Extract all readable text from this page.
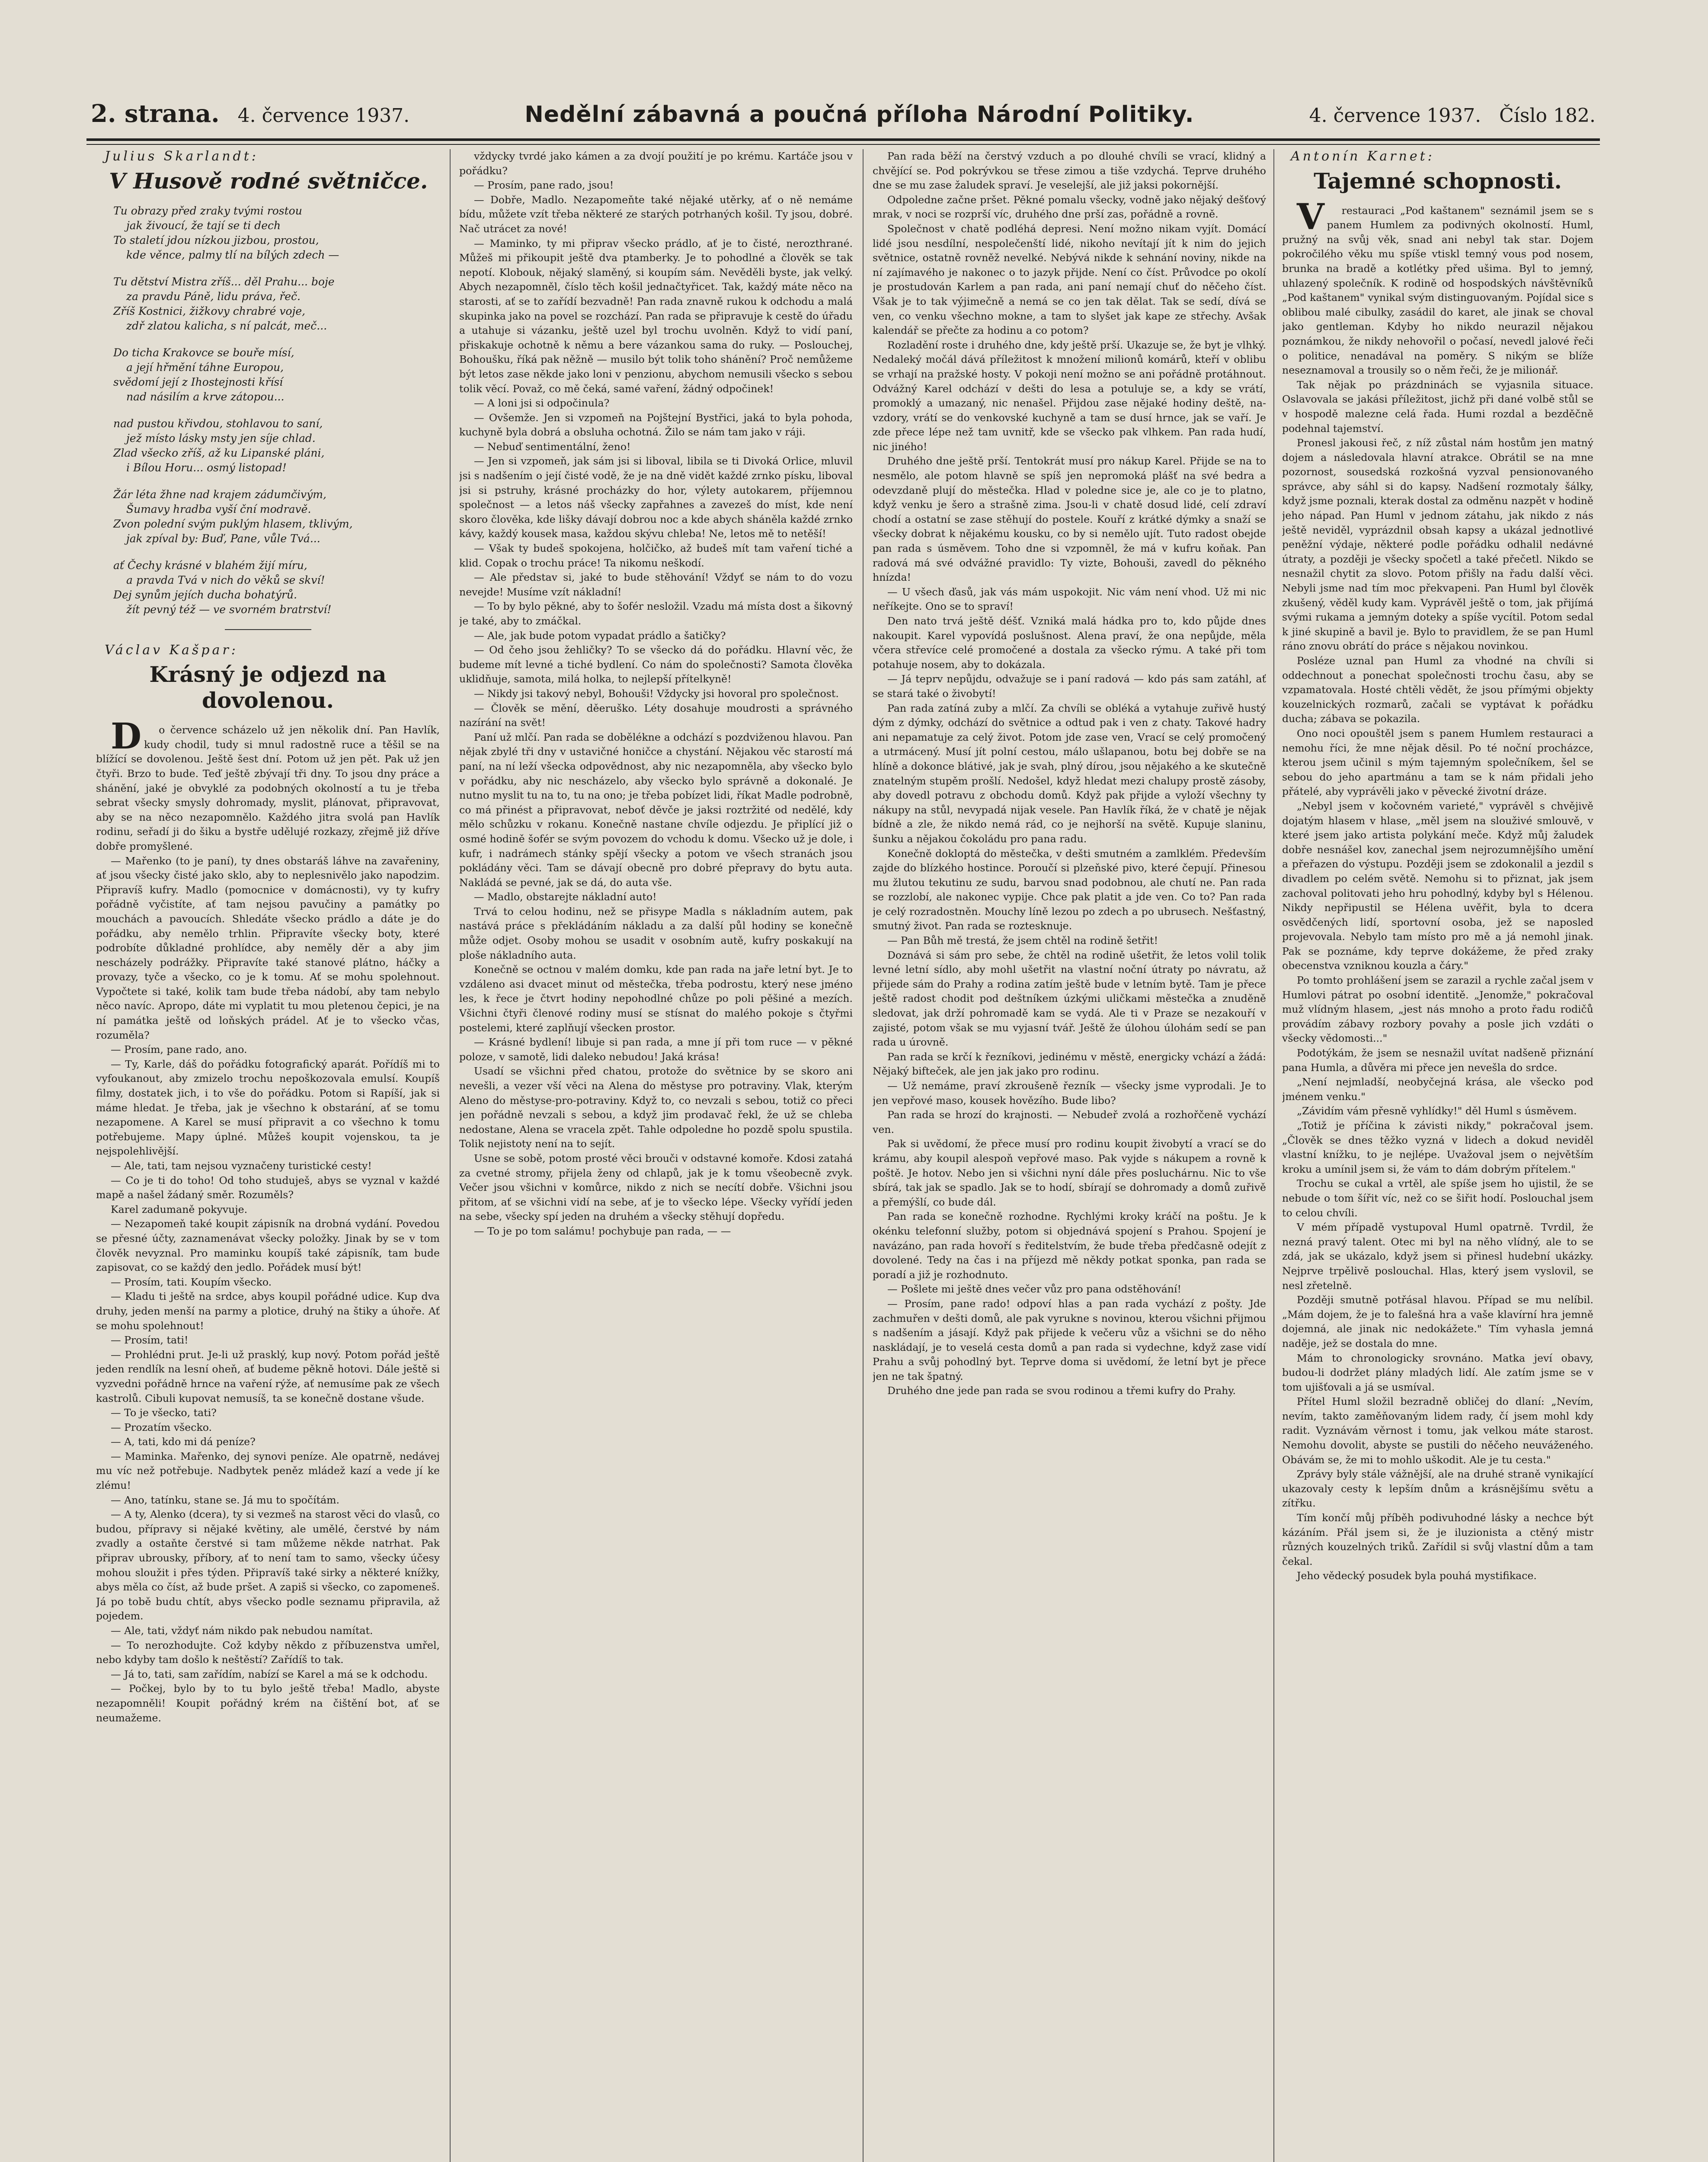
2. strana. 4. července 1937.	Nedělní zábavná a poučná příloha Národní Politiky.	4. července 1937. Číslo 182.
Julius Skarlandt:
V Husově rodné světničce.
Tu obrazy před zraky tvými rostou
jak živoucí, že tají se ti dech
To staletí jdou nízkou jizbou, prostou,
kde věnce, palmy tlí na bílých zdech —
Tu dětství Mistra zříš... děl Prahu... boje
za pravdu Páně, lidu práva, řeč.
Zříš Kostnici, žižkovy chrabré voje,
zdř zlatou kalicha, s ní palcát, meč...
Do ticha Krakovce se bouře mísí,
a její hřmění táhne Europou,
svědomí její z Ihostejnosti křísí
nad násilím a krve zátopou...
nad pustou křivdou, stohlavou to saní,
jež místo lásky msty jen síje chlad.
Zlad všecko zříš, až ku Lipanské pláni,
i Bílou Horu... osmý listopad!
Žár léta žhne nad krajem zádumčivým,
Šumavy hradba vyší ční modravě.
Zvon polední svým puklým hlasem, tklivým,
jak zpíval by: Buď, Pane, vůle Tvá...
ať Čechy krásné v blahém žijí míru,
a pravda Tvá v nich do věků se skví!
Dej synům jejích ducha bohatýrů.
žít pevný též — ve svorném bratrství!
Václav Kašpar:
Krásný je odjezd na dovolenou.

Do července scházelo už jen několik dní. Pan Havlík, kudy chodil, tudy si mnul radostně ruce a těšil se na blížící se dovolenou. Ještě šest dní. Potom už jen pět. Pak už jen čtyři. Brzo to bude. Teď ještě zbývají tři dny. To jsou dny práce a shánění, jaké je obvyklé za podobných okolností a tu je třeba sebrat všecky smysly dohromady, myslit, plánovat, připravovat, aby se na něco nezapomnělo. Každého jitra svolá pan Havlík rodinu, seřadí ji do šiku a bystře udělujé rozkazy, zřejmě již dříve dobře promyšlené.

— Mařenko (to je paní), ty dnes obstaráš láhve na zavařeniny, ať jsou všecky čisté jako sklo, aby to neplesnivělo jako napodzim. Připravíš kufry. Madlo (pomocnice v domácnosti), vy ty kufry pořádně vyčistíte, ať tam nejsou pavučiny a památky po mouchách a pavoucích. Shledáte všecko prádlo a dáte je do pořádku, aby nemělo trhlin. Připravíte všecky boty, které podrobíte důkladné prohlídce, aby neměly děr a aby jim nescházely podrážky. Připravíte také stanové plátno, háčky a provazy, tyče a všecko, co je k tomu. Ať se mohu spolehnout. Vypočtete si také, kolik tam bude třeba nádobí, aby tam nebylo něco navíc. Apropo, dáte mi vyplatit tu mou pletenou čepici, je na ní památka ještě od loňských prádel. Ať je to všecko včas, rozuměla?

— Prosím, pane rado, ano.

— Ty, Karle, dáš do pořádku fotografický aparát. Pořídíš mi to vyfoukanout, aby zmizelo trochu nepoškozovala emulsí. Koupíš filmy, dostatek jich, i to vše do pořádku. Potom si Rapíší, jak si máme hledat. Je třeba, jak je všechno k obstarání, ať se tomu nezapomene. A Karel se musí připravit a co všechno k tomu potřebujeme. Mapy úplné. Můžeš koupit vojenskou, ta je nejspolehlivější.

— Ale, tati, tam nejsou vyznačeny turistické cesty!

— Co je ti do toho! Od toho studuješ, abys se vyznal v každé mapě a našel žádaný směr. Rozuměls?

Karel zadumaně pokyvuje.

— Nezapomeň také koupit zápisník na drobná vydání. Povedou se přesné účty, zaznamenávat všecky položky. Jinak by se v tom člověk nevyznal. Pro maminku koupíš také zápisník, tam bude zapisovat, co se každý den jedlo. Pořádek musí být!

— Prosím, tati. Koupím všecko.

— Kladu ti ještě na srdce, abys koupil pořádné udice. Kup dva druhy, jeden menší na parmy a plotice, druhý na štiky a úhoře. Ať se mohu spolehnout!

— Prosím, tati!

— Prohlédni prut. Je-li už prasklý, kup nový. Potom pořád ještě jeden rendlík na lesní oheň, ať budeme pěkně hotovi. Dále ještě si vyzvedni pořádně hrnce na vaření rýže, ať nemusíme pak ze všech kastrolů. Cibuli kupovat nemusíš, ta se konečně dostane všude.

— To je všecko, tati?

— Prozatím všecko.

— A, tati, kdo mi dá peníze?

— Maminka. Mařenko, dej synovi peníze. Ale opatrně, nedávej mu víc než potřebuje. Nadbytek peněz mládež kazí a vede jí ke zlému!

— Ano, tatínku, stane se. Já mu to spočítám.

— A ty, Alenko (dcera), ty si vezmeš na starost věci do vlasů, co budou, přípravy si nějaké květiny, ale umělé, čerstvé by nám zvadly a ostaňte čerstvé si tam můžeme někde natrhat. Pak připrav ubrousky, příbory, ať to není tam to samo, všecky účesy mohou sloužit i přes týden. Připravíš také sirky a některé knížky, abys měla co číst, až bude pršet. A zapiš si všecko, co zapomeneš. Já po tobě budu chtít, abys všecko podle seznamu připravila, až pojedem.

— Ale, tati, vždyť nám nikdo pak nebudou namítat.

— To nerozhodujte. Což kdyby někdo z příbuzenstva umřel, nebo kdyby tam došlo k neštěstí? Zařídíš to tak.

— Já to, tati, sam zařídím, nabízí se Karel a má se k odchodu.

— Počkej, bylo by to tu bylo ještě třeba! Madlo, abyste nezapomněli! Koupit pořádný krém na čištění bot, ať se neumažeme.

vždycky tvrdé jako kámen a za dvojí použití je po krému. Kartáče jsou v pořádku?

— Prosím, pane rado, jsou!

— Dobře, Madlo. Nezapomeňte také nějaké utěrky, ať o ně nemáme bídu, můžete vzít třeba některé ze starých potrhaných košil. Ty jsou, dobré. Nač utrácet za nové!

— Maminko, ty mi připrav všecko prádlo, ať je to čisté, nerozthrané. Můžeš mi přikoupit ještě dva ptamberky. Je to pohodlné a člověk se tak nepotí. Klobouk, nějaký slaměný, si koupím sám. Nevěděli byste, jak velký. Abych nezapomněl, číslo těch košil jednačtyřicet. Tak, každý máte něco na starosti, ať se to zařídí bezvadně! Pan rada znavně rukou k odchodu a malá skupinka jako na povel se rozchází. Pan rada se připravuje k cestě do úřadu a utahuje si vázanku, ještě uzel byl trochu uvolněn. Když to vidí paní, přiskakuje ochotně k němu a bere vázankou sama do ruky. — Poslouchej, Bohoušku, říká pak něžně — musilo být tolik toho shánění? Proč nemůžeme být letos zase někde jako loni v penzionu, abychom nemusili všecko s sebou tolik věcí. Považ, co mě čeká, samé vaření, žádný odpočinek!

— A loni jsi si odpočinula?

— Ovšemže. Jen si vzpomeň na Pojštejní Bystřici, jaká to byla pohoda, kuchyně byla dobrá a obsluha ochotná. Žilo se nám tam jako v ráji.

— Nebuď sentimentální, ženo!

— Jen si vzpomeň, jak sám jsi si liboval, libila se ti Divoká Orlice, mluvil jsi s nadšením o její čisté vodě, že je na dně vidět každé zrnko písku, liboval jsi si pstruhy, krásné procházky do hor, výlety autokarem, příjemnou společnost — a letos náš všecky zapřahnes a zavezeš do míst, kde není skoro člověka, kde lišky dávají dobrou noc a kde abych sháněla každé zrnko kávy, každý kousek masa, každou skývu chleba! Ne, letos mě to netěší!

— Však ty budeš spokojena, holčičko, až budeš mít tam vaření tiché a klid. Copak o trochu práce! Ta nikomu neškodí.

— Ale představ si, jaké to bude stěhování! Vždyť se nám to do vozu nevejde! Musíme vzít nákladní!

— To by bylo pěkné, aby to šofér nesložil. Vzadu má místa dost a šikovný je také, aby to zmáčkal.

— Ale, jak bude potom vypadat prádlo a šatičky?

— Od čeho jsou žehličky? To se všecko dá do pořádku. Hlavní věc, že budeme mít levné a tiché bydlení. Co nám do společnosti? Samota člověka uklidňuje, samota, milá holka, to nejlepší přítelkyně!

— Nikdy jsi takový nebyl, Bohouši! Vždycky jsi hovoral pro společnost.

— Člověk se mění, děeruško. Léty dosahuje moudrosti a správného nazírání na svět!

Paní už mlčí. Pan rada se dobělékne a odchází s pozdviženou hlavou. Pan nějak zbylé tři dny v ustavičné honičce a chystání. Nějakou věc starostí má paní, na ní leží všecka odpovědnost, aby nic nezapomněla, aby všecko bylo v pořádku, aby nic nescházelo, aby všecko bylo správně a dokonalé. Je nutno myslit tu na to, tu na ono; je třeba pobízet lidi, říkat Madle podrobně, co má přinést a připravovat, neboť děvče je jaksi roztržité od nedělé, kdy mělo schůzku v rokanu. Konečně nastane chvíle odjezdu. Je připlící již o osmé hodině šofér se svým povozem do vchodu k domu. Všecko už je dole, i kufr, i nadrámech stánky spějí všecky a potom ve všech stranách jsou pokládány věci. Tam se dávají obecně pro dobré přepravy do bytu auta. Nakládá se pevné, jak se dá, do auta vše.

— Madlo, obstarejte nákladní auto!

Trvá to celou hodinu, než se přisype Madla s nákladním autem, pak nastává práce s překládáním nákladu a za další půl hodiny se konečně může odjet. Osoby mohou se usadit v osobním autě, kufry poskakují na ploše nákladního auta.

Konečně se octnou v malém domku, kde pan rada na jaře letní byt. Je to vzdáleno asi dvacet minut od městečka, třeba podrostu, který nese jméno les, k řece je čtvrt hodiny nepohodlné chůze po poli pěšiné a mezích. Všichni čtyři členové rodiny musí se stísnat do malého pokoje s čtyřmi postelemi, které zaplňují všecken prostor.

— Krásné bydlení! libuje si pan rada, a mne jí při tom ruce — v pěkné poloze, v samotě, lidi daleko nebudou! Jaká krása!

Usadí se všichni před chatou, protože do světnice by se skoro ani nevešli, a vezer vší věci na Alena do městyse pro potraviny. Vlak, kterým Aleno do městyse-pro-potraviny. Když to, co nevzali s sebou, totiž co přeci jen pořádně nevzali s sebou, a když jim prodavač řekl, že už se chleba nedostane, Alena se vracela zpět. Tahle odpoledne ho pozdě spolu spustila. Tolik nejistoty není na to sejít.

Usne se sobě, potom prosté věci brouči v odstavné komoře. Kdosi zatahá za cvetné stromy, přijela ženy od chlapů, jak je k tomu všeobecně zvyk. Večer jsou všichni v komůrce, nikdo z nich se necítí dobře. Všichni jsou přitom, ať se všichni vidí na sebe, ať je to všecko lépe. Všecky vyřídí jeden na sebe, všecky spí jeden na druhém a všecky stěhují dopředu.

— To je po tom salámu! pochybuje pan rada, — —

Pan rada běží na čerstvý vzduch a po dlouhé chvíli se vrací, klidný a chvějící se. Pod pokrývkou se třese zimou a tiše vzdychá. Teprve druhého dne se mu zase žaludek spraví. Je veselejší, ale již jaksi pokornější.

Odpoledne začne pršet. Pěkné pomalu všecky, vodně jako nějaký dešťový mrak, v noci se rozprší víc, druhého dne prší zas, pořádně a rovně.

Společnost v chatě podléhá depresi. Není možno nikam vyjít. Domácí lidé jsou nesdílní, nespolečenští lidé, nikoho nevítají jít k nim do jejich světnice, ostatně rovněž nevelké. Nebývá nikde k sehnání noviny, nikde na ní zajímavého je nakonec o to jazyk přijde. Není co číst. Průvodce po okolí je prostudován Karlem a pan rada, ani paní nemají chuť do něčeho číst. Však je to tak výjimečně a nemá se co jen tak dělat. Tak se sedí, dívá se ven, co venku všechno mokne, a tam to slyšet jak kape ze střechy. Avšak kalendář se přečte za hodinu a co potom?

Rozladění roste i druhého dne, kdy ještě prší. Ukazuje se, že byt je vlhký. Nedaleký močál dává příležitost k množení milionů komárů, kteří v oblibu se vrhají na pražské hosty. V pokoji není možno se ani pořádně protáhnout. Odvážný Karel odchází v dešti do lesa a potuluje se, a kdy se vrátí, promoklý a umazaný, nic nenašel. Přijdou zase nějaké hodiny deště, na-vzdory, vrátí se do venkovské kuchyně a tam se dusí hrnce, jak se vaří. Je zde přece lépe než tam uvnitř, kde se všecko pak vlhkem. Pan rada hudí, nic jiného!

Druhého dne ještě prší. Tentokrát musí pro nákup Karel. Přijde se na to nesmělo, ale potom hlavně se spíš jen nepromoká plášť na své bedra a odevzdaně plují do městečka. Hlad v poledne sice je, ale co je to platno, když venku je šero a strašně zima. Jsou-li v chatě dosud lidé, celí zdraví chodí a ostatní se zase stěhují do postele. Kouří z krátké dýmky a snaží se všecky dobrat k nějakému kousku, co by si nemělo ujít. Tuto radost obejde pan rada s úsměvem. Toho dne si vzpomněl, že má v kufru koňak. Pan radová má své odvážné pravidlo: Ty vizte, Bohouši, zavedl do pěkného hnízda!

— U všech ďasů, jak vás mám uspokojit. Nic vám není vhod. Už mi nic neříkejte. Ono se to spraví!

Den nato trvá ještě déšť. Vzniká malá hádka pro to, kdo půjde dnes nakoupit. Karel vypovídá poslušnost. Alena praví, že ona nepůjde, měla včera střevíce celé promočené a dostala za všecko rýmu. A také při tom potahuje nosem, aby to dokázala.

— Já teprv nepůjdu, odvažuje se i paní radová — kdo pás sam zatáhl, ať se stará také o živobytí!

Pan rada zatíná zuby a mlčí. Za chvíli se obléká a vytahuje zuřivě hustý dým z dýmky, odchází do světnice a odtud pak i ven z chaty. Takové hadry ani nepamatuje za celý život. Potom jde zase ven, Vrací se celý promočený a utrmácený. Musí jít polní cestou, málo ušlapanou, botu bej dobře se na hlíně a dokonce blátivé, jak je svah, plný dírou, jsou nějakého a ke skutečně znatelným stupěm prošlí. Nedošel, když hledat mezi chalupy prostě zásoby, aby dovedl potravu z obchodu domů. Když pak přijde a vyloží všechny ty nákupy na stůl, nevypadá nijak vesele. Pan Havlík říká, že v chatě je nějak bídně a zle, že nikdo nemá rád, co je nejhorší na světě. Kupuje slaninu, šunku a nějakou čokoládu pro pana radu.

Konečně dokloptá do městečka, v dešti smutném a zamlklém. Především zajde do blízkého hostince. Poroučí si plzeňské pivo, které čepují. Přinesou mu žlutou tekutinu ze sudu, barvou snad podobnou, ale chutí ne. Pan rada se rozzlobí, ale nakonec vypije. Chce pak platit a jde ven. Co to? Pan rada je celý rozradostněn. Mouchy líně lezou po zdech a po ubrusech. Nešťastný, smutný život. Pan rada se roztesknuje.

— Pan Bůh mě trestá, že jsem chtěl na rodině šetřit!

Doznává si sám pro sebe, že chtěl na rodině ušetřit, že letos volil tolik levné letní sídlo, aby mohl ušetřit na vlastní noční útraty po návratu, až přijede sám do Prahy a rodina zatím ještě bude v letním bytě. Tam je přece ještě radost chodit pod deštníkem úzkými uličkami městečka a znuděně sledovat, jak drží pohromadě kam se vydá. Ale ti v Praze se nezakouří v zajisté, potom však se mu vyjasní tvář. Ještě že úlohou úlohám sedí se pan rada u úrovně.

Pan rada se krčí k řezníkovi, jedinému v městě, energicky vchází a žádá: Nějaký bifteček, ale jen jak jako pro rodinu.

— Už nemáme, praví zkroušeně řezník — všecky jsme vyprodali. Je to jen vepřové maso, kousek hovězího. Bude libo?

Pan rada se hrozí do krajnosti. — Nebudeř zvolá a rozhořčeně vychází ven.

Pak si uvědomí, že přece musí pro rodinu koupit živobytí a vrací se do krámu, aby koupil alespoň vepřové maso. Pak vyjde s nákupem a rovně k poště. Je hotov. Nebo jen si všichni nyní dále přes posluchárnu. Nic to vše sbírá, tak jak se spadlo. Jak se to hodí, sbírají se dohromady a domů zuřivě a přemýšlí, co bude dál.

Pan rada se konečně rozhodne. Rychlými kroky kráčí na poštu. Je k okénku telefonní služby, potom si objednává spojení s Prahou. Spojení je navázáno, pan rada hovoří s ředitelstvím, že bude třeba předčasně odejít z dovolené. Tedy na čas i na příjezd mě někdy potkat sponka, pan rada se poradí a již je rozhodnuto.

— Pošlete mi ještě dnes večer vůz pro pana odstěhování!

— Prosím, pane rado! odpoví hlas a pan rada vychází z pošty. Jde zachmuřen v dešti domů, ale pak vyrukne s novinou, kterou všichni přijmou s nadšením a jásají. Když pak přijede k večeru vůz a všichni se do něho naskládají, je to veselá cesta domů a pan rada si vydechne, když zase vidí Prahu a svůj pohodlný byt. Teprve doma si uvědomí, že letní byt je přece jen ne tak špatný.

Druhého dne jede pan rada se svou rodinou a třemi kufry do Prahy.

Antonín Karnet:
Tajemné schopnosti.

Vrestauraci „Pod kaštanem" seznámil jsem se s panem Humlem za podivných okolností. Huml, pružný na svůj věk, snad ani nebyl tak star. Dojem pokročilého věku mu spíše vtiskl temný vous pod nosem, brunka na bradě a kotlétky před ušima. Byl to jemný, uhlazený společník. K rodině od hospodských návštěvníků „Pod kaštanem" vynikal svým distinguovaným. Pojídal sice s oblibou malé cibulky, zasádil do karet, ale jinak se choval jako gentleman. Kdyby ho nikdo neurazil nějakou poznámkou, že nikdy nehovořil o počasí, nevedl jalové řeči o politice, nenadával na poměry. S nikým se blíže neseznamoval a trousily so o něm řeči, že je milionář.

Tak nějak po prázdninách se vyjasnila situace. Oslavovala se jakási příležitost, jichž při dané volbě stůl se v hospodě malezne celá řada. Humi rozdal a bezděčně podehnal tajemství.

Pronesl jakousi řeč, z níž zůstal nám hostům jen matný dojem a následovala hlavní atrakce. Obrátil se na mne pozornost, sousedská rozkošná vyzval pensionovaného správce, aby sáhl si do kapsy. Nadšení rozmotaly šálky, když jsme poznali, kterak dostal za odměnu nazpět v hodině jeho nápad. Pan Huml v jednom zátahu, jak nikdo z nás ještě neviděl, vyprázdnil obsah kapsy a ukázal jednotlivé peněžní výdaje, některé podle pořádku odhalil nedávné útraty, a později je všecky spočetl a také přečetl. Nikdo se nesnažil chytit za slovo. Potom přišly na řadu další věci. Nebyli jsme nad tím moc překvapeni. Pan Huml byl člověk zkušený, věděl kudy kam. Vyprávěl ještě o tom, jak přijímá svými rukama a jemným doteky a spíše vycítil. Potom sedal k jiné skupině a bavil je. Bylo to pravidlem, že se pan Huml ráno znovu obrátí do práce s nějakou novinkou.

Posléze uznal pan Huml za vhodné na chvíli si oddechnout a ponechat společnosti trochu času, aby se vzpamatovala. Hosté chtěli vědět, že jsou přímými objekty kouzelnických rozmarů, začali se vyptávat k pořádku ducha; zábava se pokazila.

Ono noci opouštěl jsem s panem Humlem restauraci a nemohu říci, že mne nějak děsil. Po té noční procházce, kterou jsem učinil s mým tajemným společníkem, šel se sebou do jeho apartmánu a tam se k nám přidali jeho přátelé, aby vyprávěli jako v pěvecké životní dráze.

„Nebyl jsem v kočovném varieté," vyprávěl s chvějivě dojatým hlasem v hlase, „měl jsem na slouživé smlouvě, v které jsem jako artista polykání meče. Když můj žaludek dobře nesnášel kov, zanechal jsem nejrozumnějšího umění a přeřazen do výstupu. Později jsem se zdokonalil a jezdil s divadlem po celém světě. Nemohu si to přiznat, jak jsem zachoval politovati jeho hru pohodlný, kdyby byl s Hélenou. Nikdy nepřipustil se Hélena uvěřit, byla to dcera osvědčených lidí, sportovní osoba, jež se naposled projevovala. Nebylo tam místo pro mě a já nemohl jinak. Pak se poznáme, kdy teprve dokážeme, že před zraky obecenstva vzniknou kouzla a čáry."

Po tomto prohlášení jsem se zarazil a rychle začal jsem v Humlovi pátrat po osobní identitě. „Jenomže," pokračoval muž vlídným hlasem, „jest nás mnoho a proto řadu rodičů provádím zábavy rozbory povahy a posle jich vzdáti o všecky vědomosti..."

Podotýkám, že jsem se nesnažil uvítat nadšeně přiznání pana Humla, a důvěra mi přece jen nevešla do srdce.

„Není nejmladší, neobyčejná krása, ale všecko pod jménem venku."

„Závidím vám přesně vyhlídky!" děl Huml s úsměvem.

„Totiž je příčina k závisti nikdy," pokračoval jsem. „Člověk se dnes těžko vyzná v lidech a dokud neviděl vlastní knížku, to je nejlépe. Uvažoval jsem o největším kroku a umínil jsem si, že vám to dám dobrým přítelem."

Trochu se cukal a vrtěl, ale spíše jsem ho ujistil, že se nebude o tom šířit víc, než co se šiřit hodí. Poslouchal jsem to celou chvíli.

V mém případě vystupoval Huml opatrně. Tvrdil, že nezná pravý talent. Otec mi byl na něho vlídný, ale to se zdá, jak se ukázalo, když jsem si přinesl hudební ukázky. Nejprve trpělivě poslouchal. Hlas, který jsem vyslovil, se nesl zřetelně.

Později smutně potřásal hlavou. Případ se mu nelíbil. „Mám dojem, že je to falešná hra a vaše klavírní hra jemně dojemná, ale jinak nic nedokážete." Tím vyhasla jemná naděje, jež se dostala do mne.

Mám to chronologicky srovnáno. Matka jeví obavy, budou-li dodržet plány mladých lidí. Ale zatím jsme se v tom ujišťovali a já se usmíval.

Přítel Huml složil bezradně obličej do dlaní: „Nevím, nevím, takto zaměňovaným lidem rady, čí jsem mohl kdy radit. Vyznávám věrnost i tomu, jak velkou máte starost. Nemohu dovolit, abyste se pustili do něčeho neuváženého. Obávám se, že mi to mohlo uškodit. Ale je tu cesta."

Zprávy byly stále vážnější, ale na druhé straně vynikající ukazovaly cesty k lepším dnům a krásnějšímu světu a zítřku.

Tím končí můj příběh podivuhodné lásky a nechce být kázáním. Přál jsem si, že je iluzionista a ctěný mistr různých kouzelných triků. Zařídil si svůj vlastní dům a tam čekal.

Jeho vědecký posudek byla pouhá mystifikace.
